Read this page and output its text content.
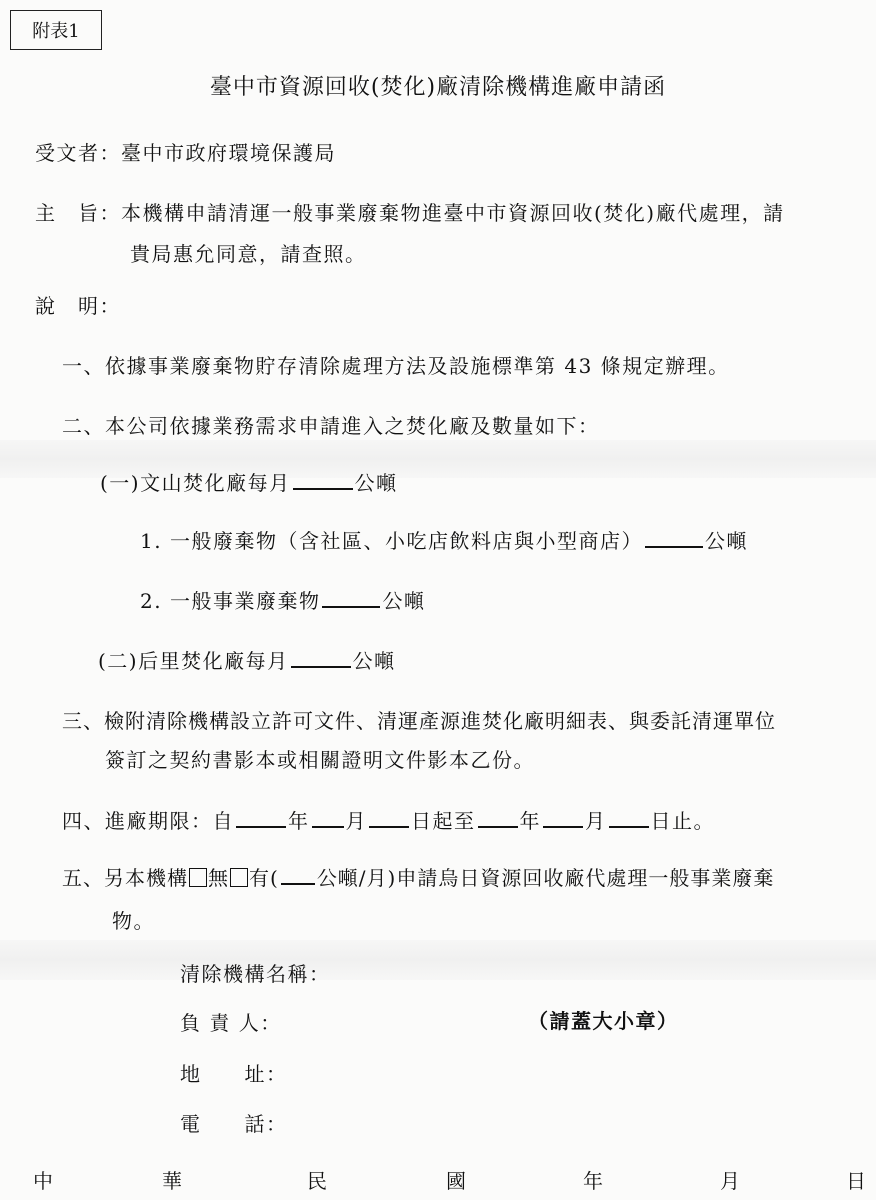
附表1
臺中市資源回收(焚化)廠清除機構進廠申請函
受文者：臺中市政府環境保護局
主　旨：本機構申請清運一般事業廢棄物進臺中市資源回收(焚化)廠代處理，請
貴局惠允同意，請查照。
說　明：
一、依據事業廢棄物貯存清除處理方法及設施標準第 43 條規定辦理。
二、本公司依據業務需求申請進入之焚化廠及數量如下：
(一)文山焚化廠每月	公噸
1. 一般廢棄物（含社區、小吃店飲料店與小型商店）	公噸
2. 一般事業廢棄物	公噸
(二)后里焚化廠每月	公噸
三、檢附清除機構設立許可文件、清運產源進焚化廠明細表、與委託清運單位
簽訂之契約書影本或相關證明文件影本乙份。
四、進廠期限：自	年 月 日起至 年 月 日止。
五、另本機構 無 有( 公噸/月)申請烏日資源回收廠代處理一般事業廢棄
物。
清除機構名稱：
負 責 人：	（請蓋大小章）
地　　址：
電　　話：
中	華	民	國	年	月	日
